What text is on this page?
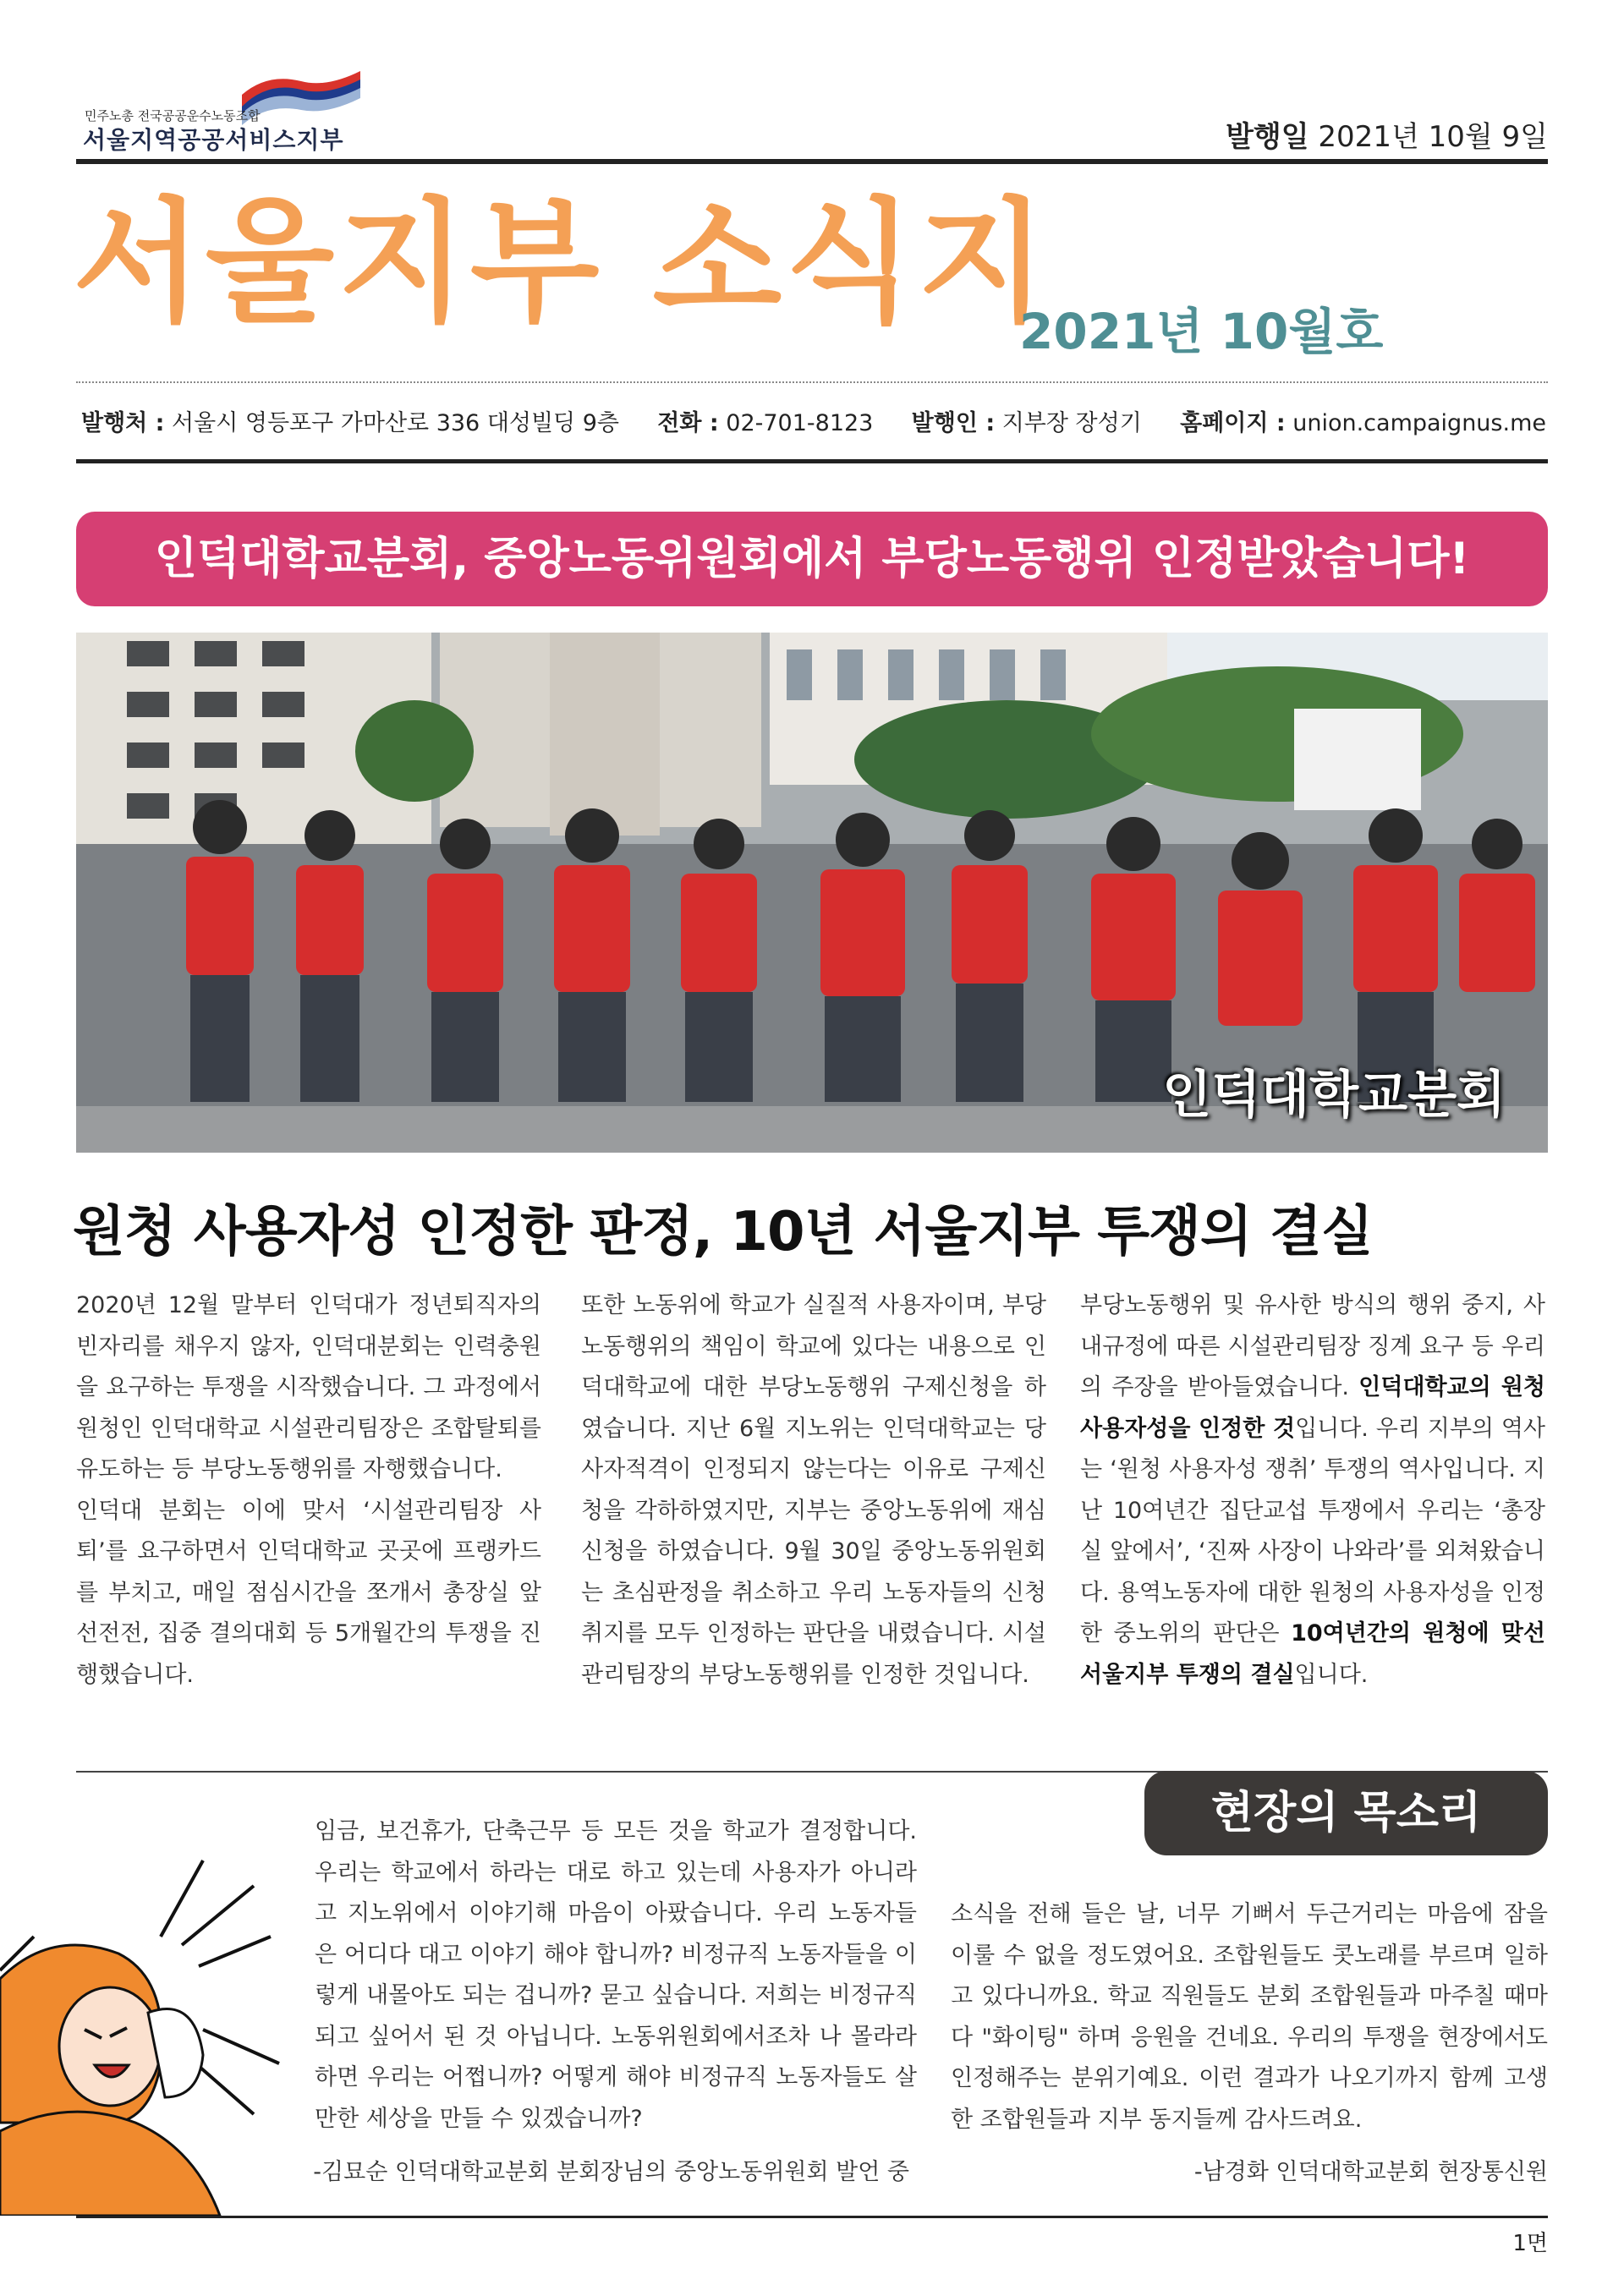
민주노총 전국공공운수노동조합
서울지역공공서비스지부	발행일 2021년 10월 9일
서울지부 소식지
2021년 10월호
발행처 : 서울시 영등포구 가마산로 336 대성빌딩 9층 전화 : 02-701-8123 발행인 : 지부장 장성기 홈페이지 : union.campaignus.me
인덕대학교분회, 중앙노동위원회에서 부당노동행위 인정받았습니다!
인덕대학교분회
원청 사용자성 인정한 판정, 10년 서울지부 투쟁의 결실

2020년 12월 말부터 인덕대가 정년퇴직자의 빈자리를 채우지 않자, 인덕대분회는 인력충원을 요구하는 투쟁을 시작했습니다. 그 과정에서 원청인 인덕대학교 시설관리팀장은 조합탈퇴를 유도하는 등 부당노동행위를 자행했습니다.

인덕대 분회는 이에 맞서 ‘시설관리팀장 사퇴’를 요구하면서 인덕대학교 곳곳에 프랭카드를 부치고, 매일 점심시간을 쪼개서 총장실 앞 선전전, 집중 결의대회 등 5개월간의 투쟁을 진행했습니다.

또한 노동위에 학교가 실질적 사용자이며, 부당노동행위의 책임이 학교에 있다는 내용으로 인덕대학교에 대한 부당노동행위 구제신청을 하였습니다. 지난 6월 지노위는 인덕대학교는 당사자적격이 인정되지 않는다는 이유로 구제신청을 각하하였지만, 지부는 중앙노동위에 재심 신청을 하였습니다. 9월 30일 중앙노동위원회는 초심판정을 취소하고 우리 노동자들의 신청취지를 모두 인정하는 판단을 내렸습니다. 시설관리팀장의 부당노동행위를 인정한 것입니다.

부당노동행위 및 유사한 방식의 행위 중지, 사내규정에 따른 시설관리팀장 징계 요구 등 우리의 주장을 받아들였습니다. 인덕대학교의 원청 사용자성을 인정한 것입니다. 우리 지부의 역사는 ‘원청 사용자성 쟁취’ 투쟁의 역사입니다. 지난 10여년간 집단교섭 투쟁에서 우리는 ‘총장실 앞에서’, ‘진짜 사장이 나와라’를 외쳐왔습니다. 용역노동자에 대한 원청의 사용자성을 인정한 중노위의 판단은 10여년간의 원청에 맞선 서울지부 투쟁의 결실입니다.

현장의 목소리
임금, 보건휴가, 단축근무 등 모든 것을 학교가 결정합니다. 우리는 학교에서 하라는 대로 하고 있는데 사용자가 아니라고 지노위에서 이야기해 마음이 아팠습니다. 우리 노동자들은 어디다 대고 이야기 해야 합니까? 비정규직 노동자들을 이렇게 내몰아도 되는 겁니까? 묻고 싶습니다. 저희는 비정규직 되고 싶어서 된 것 아닙니다. 노동위원회에서조차 나 몰라라 하면 우리는 어쩝니까? 어떻게 해야 비정규직 노동자들도 살만한 세상을 만들 수 있겠습니까?
-김묘순 인덕대학교분회 분회장님의 중앙노동위원회 발언 중
소식을 전해 들은 날, 너무 기뻐서 두근거리는 마음에 잠을 이룰 수 없을 정도였어요. 조합원들도 콧노래를 부르며 일하고 있다니까요. 학교 직원들도 분회 조합원들과 마주칠 때마다 "화이팅" 하며 응원을 건네요. 우리의 투쟁을 현장에서도 인정해주는 분위기예요. 이런 결과가 나오기까지 함께 고생한 조합원들과 지부 동지들께 감사드려요.
-남경화 인덕대학교분회 현장통신원
1면
